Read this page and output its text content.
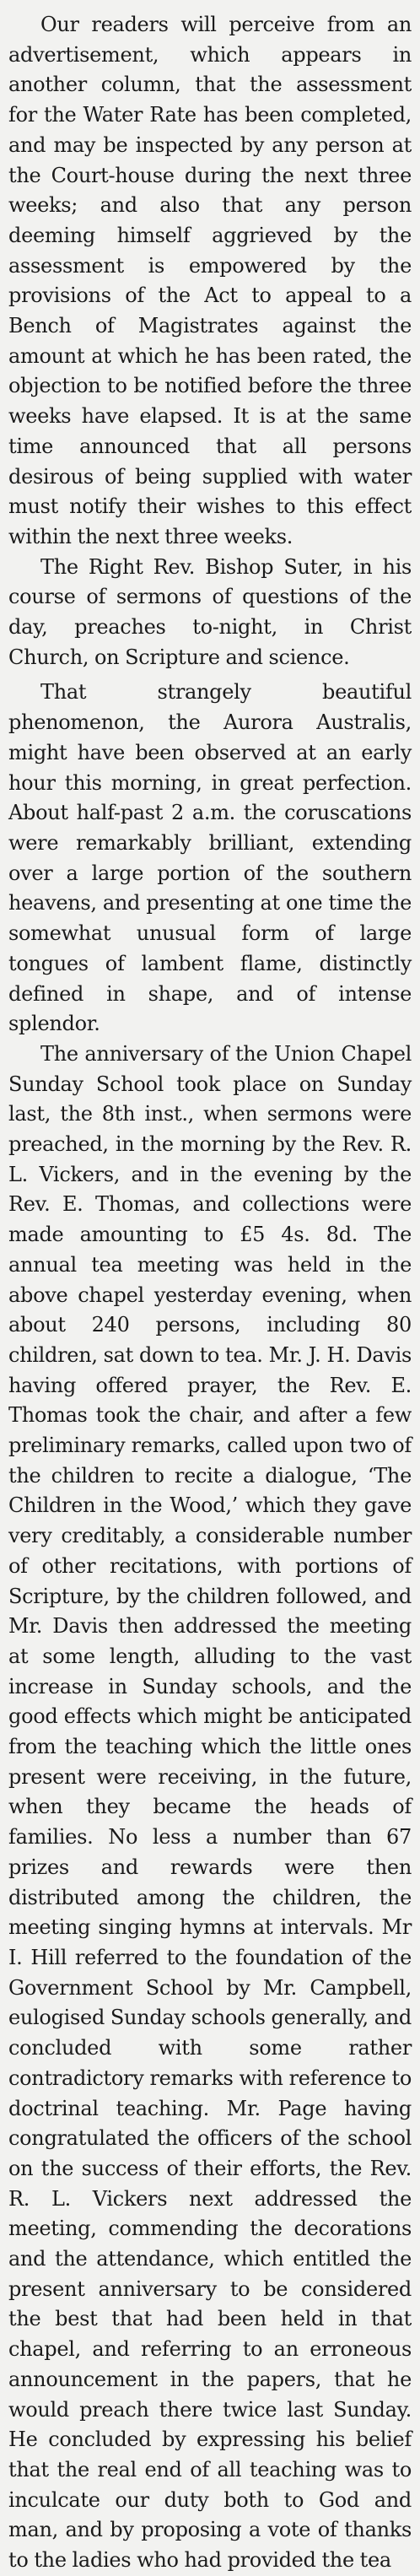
Our readers will perceive from an advertisement, which appears in another column, that the assessment for the Water Rate has been completed, and may be inspected by any person at the Court-house during the next three weeks; and also that any person deeming himself aggrieved by the assessment is empowered by the provisions of the Act to appeal to a Bench of Magistrates against the amount at which he has been rated, the objection to be notified before the three weeks have elapsed. It is at the same time announced that all persons desirous of being supplied with water must notify their wishes to this effect within the next three weeks.

The Right Rev. Bishop Suter, in his course of sermons of questions of the day, preaches to-night, in Christ Church, on Scripture and science.

That strangely beautiful phenomenon, the Aurora Australis, might have been observed at an early hour this morning, in great perfection. About half-past 2 a.m. the coruscations were remarkably brilliant, extending over a large portion of the southern heavens, and presenting at one time the somewhat unusual form of large tongues of lambent flame, distinctly defined in shape, and of intense splendor.

The anniversary of the Union Chapel Sunday School took place on Sunday last, the 8th inst., when sermons were preached, in the morning by the Rev. R. L. Vickers, and in the evening by the Rev. E. Thomas, and collections were made amounting to £5 4s. 8d. The annual tea meeting was held in the above chapel yesterday evening, when about 240 persons, including 80 children, sat down to tea. Mr. J. H. Davis having offered prayer, the Rev. E. Thomas took the chair, and after a few preliminary remarks, called upon two of the children to recite a dialogue, ‘The Children in the Wood,’ which they gave very creditably, a considerable number of other recitations, with portions of Scripture, by the children followed, and Mr. Davis then addressed the meeting at some length, alluding to the vast increase in Sunday schools, and the good effects which might be anticipated from the teaching which the little ones present were receiving, in the future, when they became the heads of families. No less a number than 67 prizes and rewards were then distributed among the children, the meeting singing hymns at intervals. Mr I. Hill referred to the foundation of the Government School by Mr. Campbell, eulogised Sunday schools generally, and concluded with some rather contradictory remarks with reference to doctrinal teaching. Mr. Page having congratulated the officers of the school on the success of their efforts, the Rev. R. L. Vickers next addressed the meeting, commending the decorations and the attendance, which entitled the present anniversary to be considered the best that had been held in that chapel, and referring to an erroneous announcement in the papers, that he would preach there twice last Sunday. He concluded by expressing his belief that the real end of all teaching was to inculcate our duty both to God and man, and by proposing a vote of thanks to the ladies who had provided the tea
